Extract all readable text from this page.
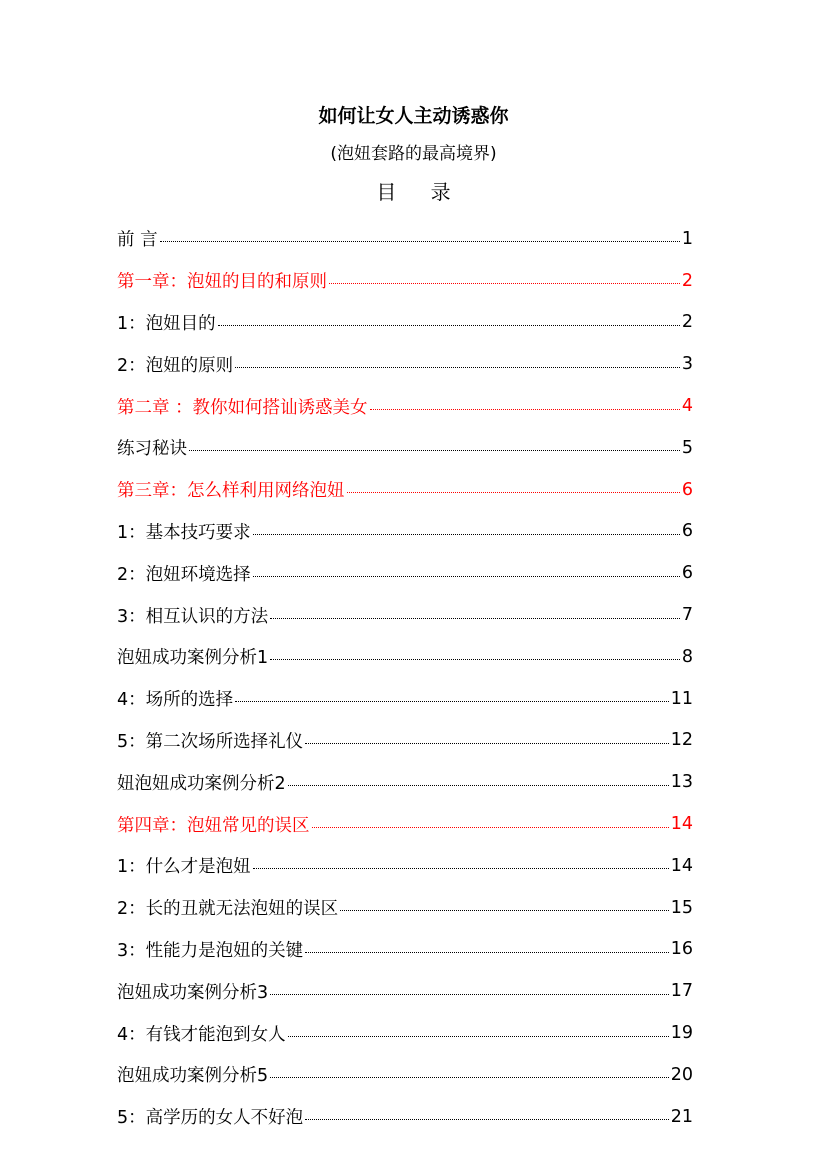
如何让女人主动诱惑你
(泡妞套路的最高境界)
目 录
前 言	1
第一章：泡妞的目的和原则	2
1：泡妞目的	2
2：泡妞的原则	3
第二章 ：教你如何搭讪诱惑美女	4
练习秘诀	5
第三章：怎么样利用网络泡妞	6
1：基本技巧要求	6
2：泡妞环境选择	6
3：相互认识的方法	7
泡妞成功案例分析1	8
4：场所的选择	11
5：第二次场所选择礼仪	12
妞泡妞成功案例分析2	13
第四章：泡妞常见的误区	14
1：什么才是泡妞	14
2：长的丑就无法泡妞的误区	15
3：性能力是泡妞的关键	16
泡妞成功案例分析3	17
4：有钱才能泡到女人	19
泡妞成功案例分析5	20
5：高学历的女人不好泡	21
